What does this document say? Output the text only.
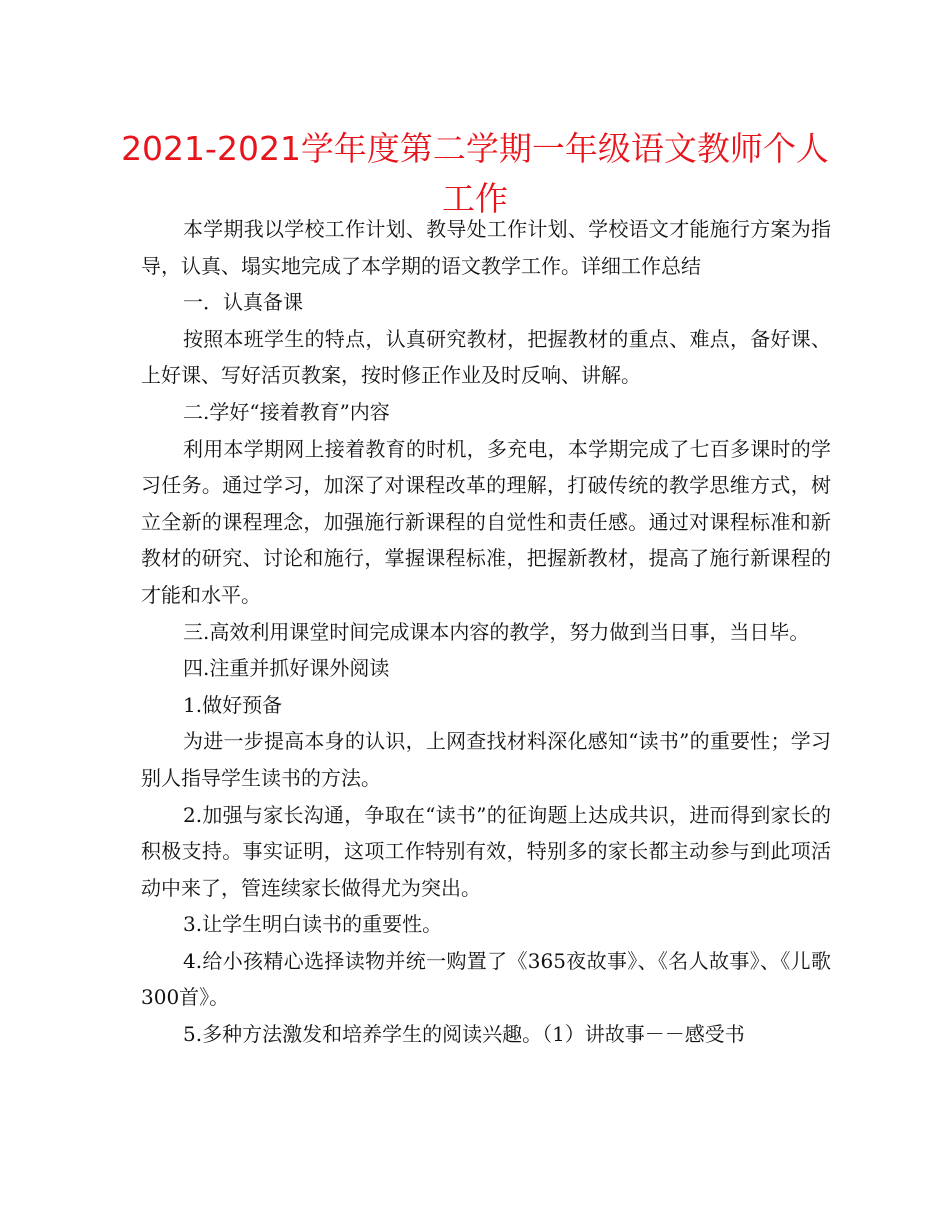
2021-2021学年度第二学期一年级语文教师个人工作

本学期我以学校工作计划、教导处工作计划、学校语文才能施行方案为指导，认真、塌实地完成了本学期的语文教学工作。详细工作总结

一．认真备课

按照本班学生的特点，认真研究教材，把握教材的重点、难点，备好课、上好课、写好活页教案，按时修正作业及时反响、讲解。

二.学好“接着教育”内容

利用本学期网上接着教育的时机，多充电，本学期完成了七百多课时的学习任务。通过学习，加深了对课程改革的理解，打破传统的教学思维方式，树立全新的课程理念，加强施行新课程的自觉性和责任感。通过对课程标准和新教材的研究、讨论和施行，掌握课程标准，把握新教材，提高了施行新课程的才能和水平。

三.高效利用课堂时间完成课本内容的教学，努力做到当日事，当日毕。

四.注重并抓好课外阅读

1.做好预备

为进一步提高本身的认识，上网查找材料深化感知“读书”的重要性；学习别人指导学生读书的方法。

2.加强与家长沟通，争取在“读书”的征询题上达成共识，进而得到家长的积极支持。事实证明，这项工作特别有效，特别多的家长都主动参与到此项活动中来了，管连续家长做得尤为突出。

3.让学生明白读书的重要性。

4.给小孩精心选择读物并统一购置了《365夜故事》、《名人故事》、《儿歌300首》。

5.多种方法激发和培养学生的阅读兴趣。（1）讲故事－－感受书
